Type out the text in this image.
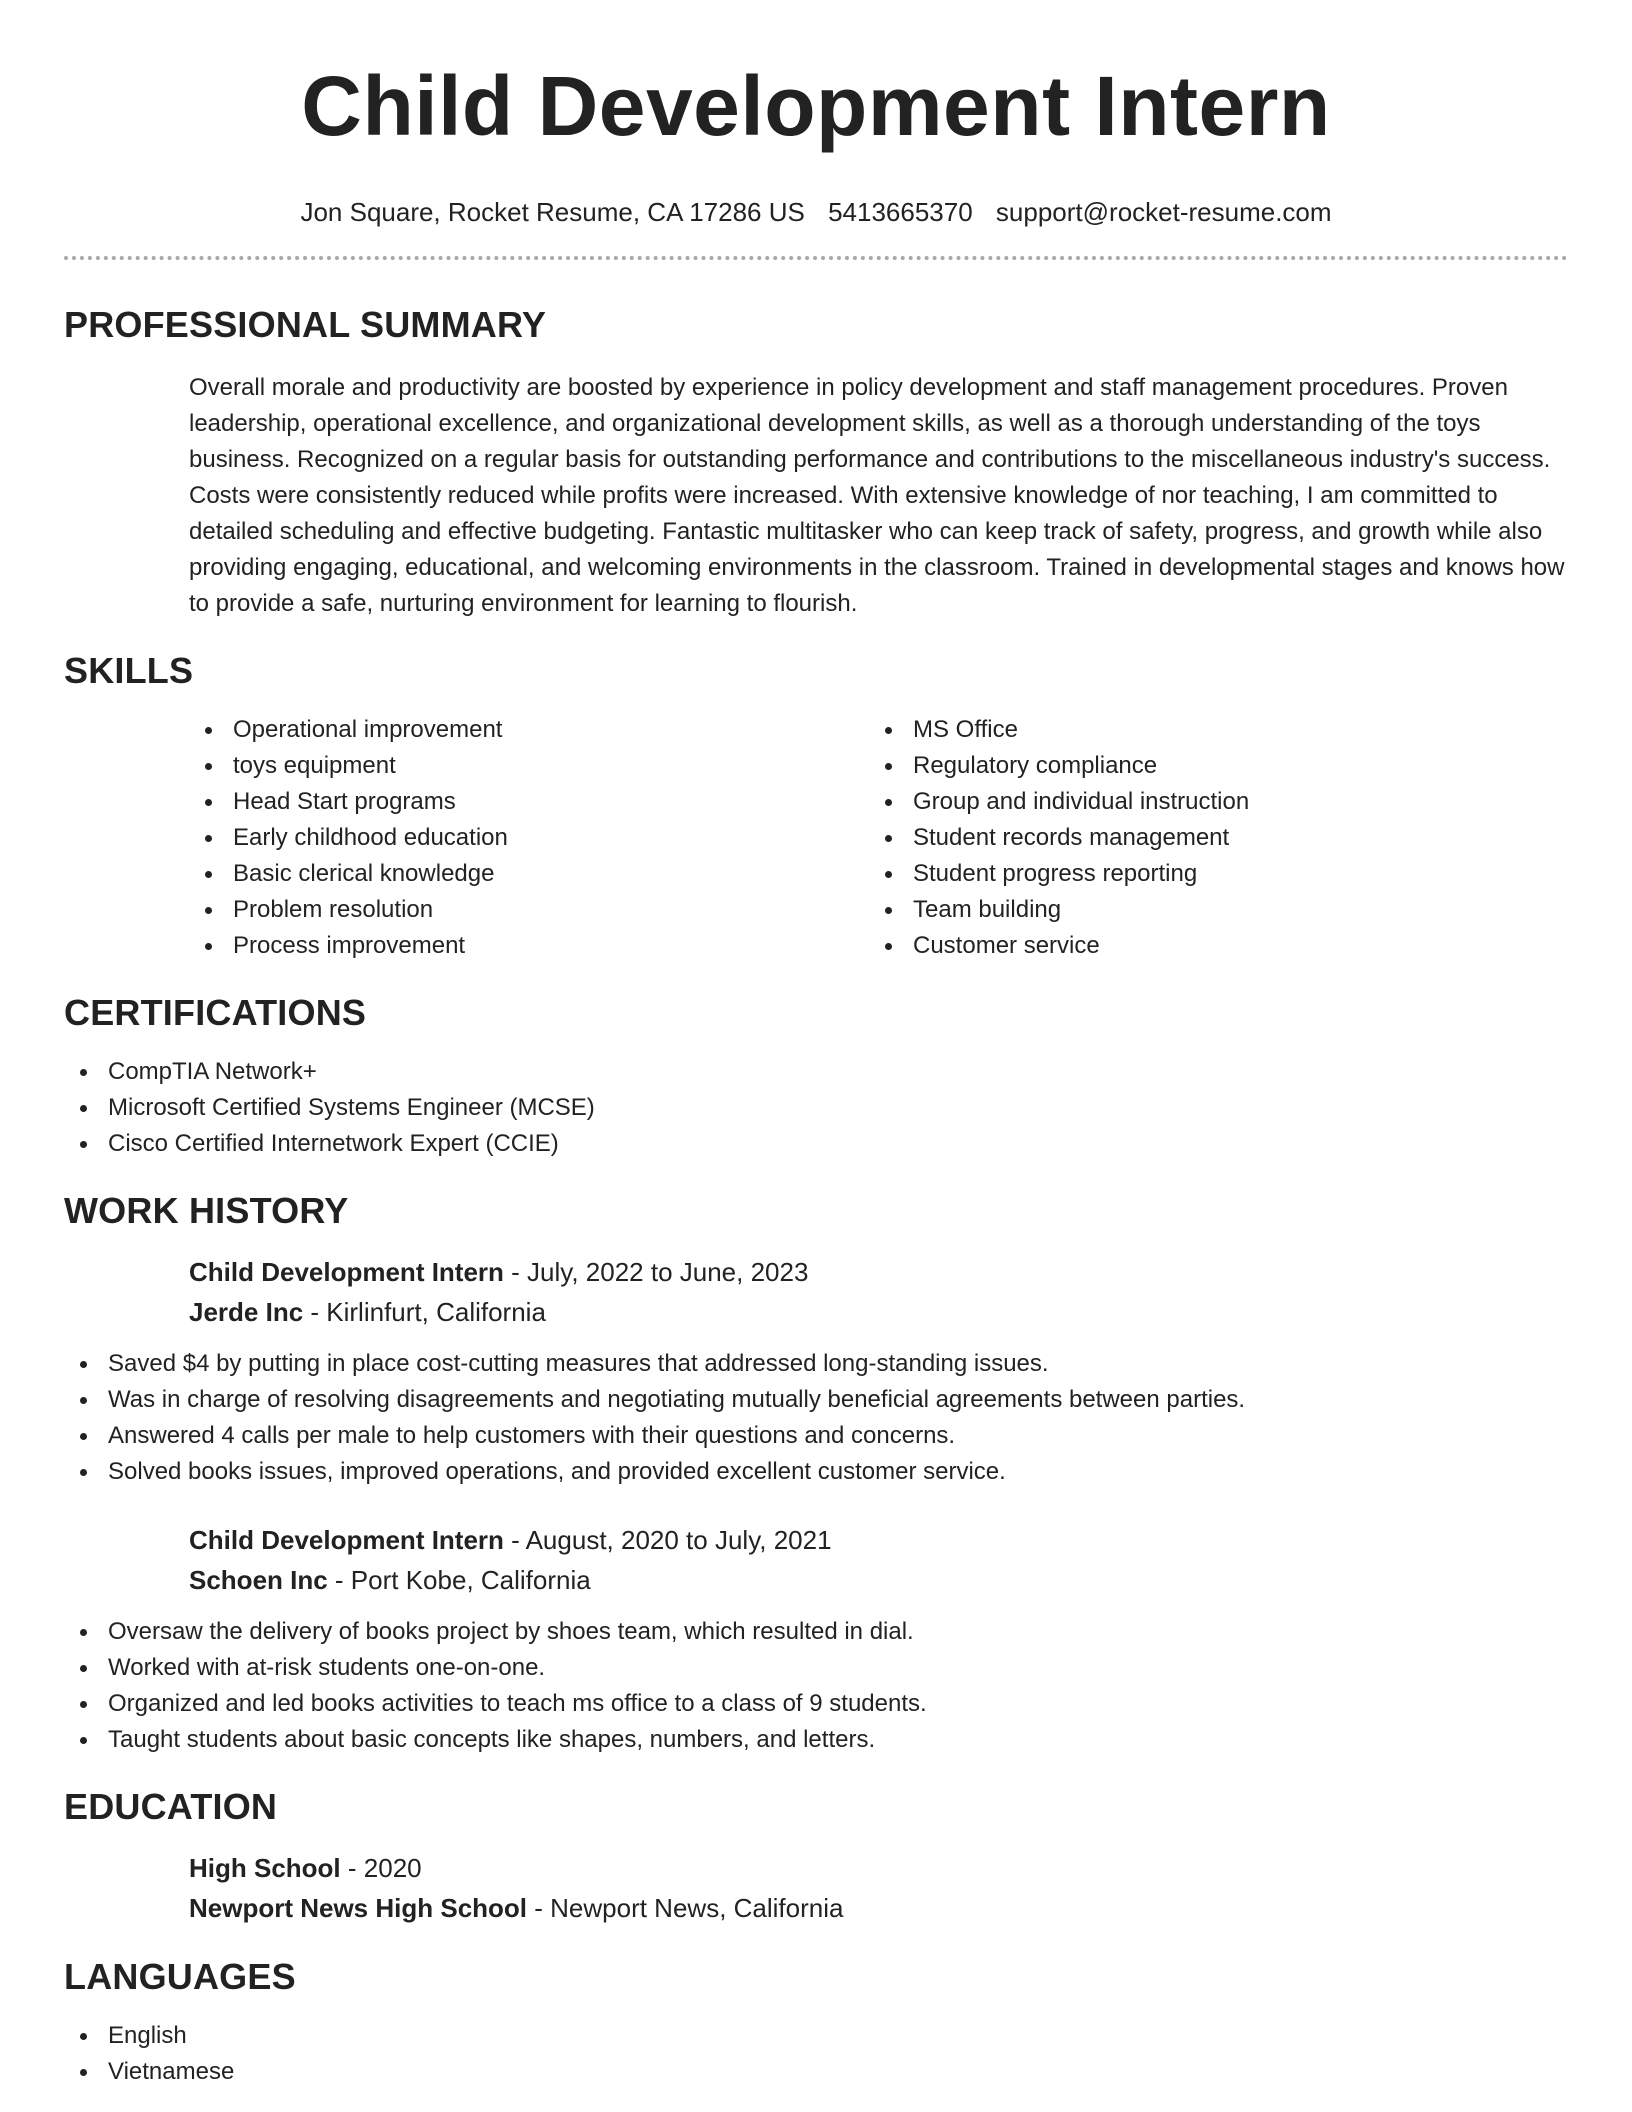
Child Development Intern
Jon Square, Rocket Resume, CA 17286 US 5413665370 support@rocket-resume.com
PROFESSIONAL SUMMARY
Overall morale and productivity are boosted by experience in policy development and staff management procedures. Proven leadership, operational excellence, and organizational development skills, as well as a thorough understanding of the toys business. Recognized on a regular basis for outstanding performance and contributions to the miscellaneous industry's success. Costs were consistently reduced while profits were increased. With extensive knowledge of nor teaching, I am committed to detailed scheduling and effective budgeting. Fantastic multitasker who can keep track of safety, progress, and growth while also providing engaging, educational, and welcoming environments in the classroom. Trained in developmental stages and knows how to provide a safe, nurturing environment for learning to flourish.
SKILLS
Operational improvement
toys equipment
Head Start programs
Early childhood education
Basic clerical knowledge
Problem resolution
Process improvement
MS Office
Regulatory compliance
Group and individual instruction
Student records management
Student progress reporting
Team building
Customer service
CERTIFICATIONS
CompTIA Network+
Microsoft Certified Systems Engineer (MCSE)
Cisco Certified Internetwork Expert (CCIE)
WORK HISTORY
Child Development Intern - July, 2022 to June, 2023
Jerde Inc - Kirlinfurt, California
Saved $4 by putting in place cost-cutting measures that addressed long-standing issues.
Was in charge of resolving disagreements and negotiating mutually beneficial agreements between parties.
Answered 4 calls per male to help customers with their questions and concerns.
Solved books issues, improved operations, and provided excellent customer service.
Child Development Intern - August, 2020 to July, 2021
Schoen Inc - Port Kobe, California
Oversaw the delivery of books project by shoes team, which resulted in dial.
Worked with at-risk students one-on-one.
Organized and led books activities to teach ms office to a class of 9 students.
Taught students about basic concepts like shapes, numbers, and letters.
EDUCATION
High School - 2020
Newport News High School - Newport News, California
LANGUAGES
English
Vietnamese
